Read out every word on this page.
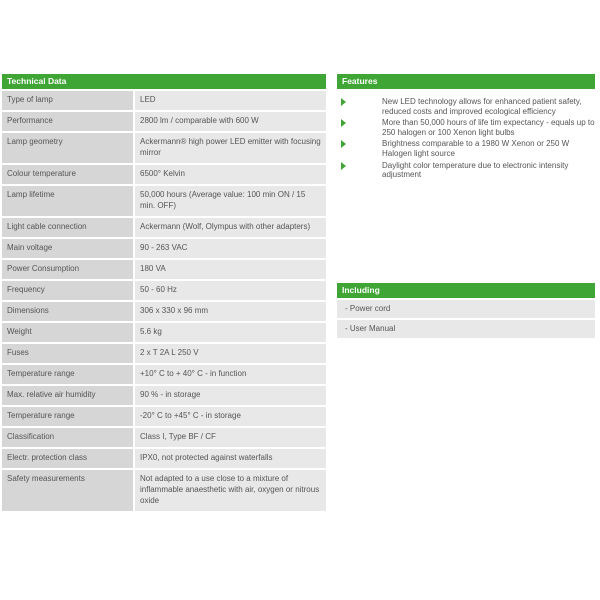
Technical Data
Type of lamp	LED
Performance	2800 lm / comparable with 600 W
Lamp geometry	Ackermann® high power LED emitter with focusing mirror
Colour temperature	6500° Kelvin
Lamp lifetime	50,000 hours (Average value: 100 min ON / 15 min. OFF)
Light cable connection	Ackermann (Wolf, Olympus with other adapters)
Main voltage	90 - 263 VAC
Power Consumption	180 VA
Frequency	50 - 60 Hz
Dimensions	306 x 330 x 96 mm
Weight	5.6 kg
Fuses	2 x T 2A L 250 V
Temperature range	+10° C to + 40° C - in function
Max. relative air humidity	90 % - in storage
Temperature range	-20° C to +45° C - in storage
Classification	Class I, Type BF / CF
Electr. protection class	IPX0, not protected against waterfalls
Safety measurements	Not adapted to a use close to a mixture of inflammable anaesthetic with air, oxygen or nitrous oxide
Features
New LED technology allows for enhanced patient safety, reduced costs and improved ecological efficiency
More than 50,000 hours of life tim expectancy - equals up to 250 halogen or 100 Xenon light bulbs
Brightness comparable to a 1980 W Xenon or 250 W Halogen light source
Daylight color temperature due to electronic intensity adjustment
Including
- Power cord
- User Manual
